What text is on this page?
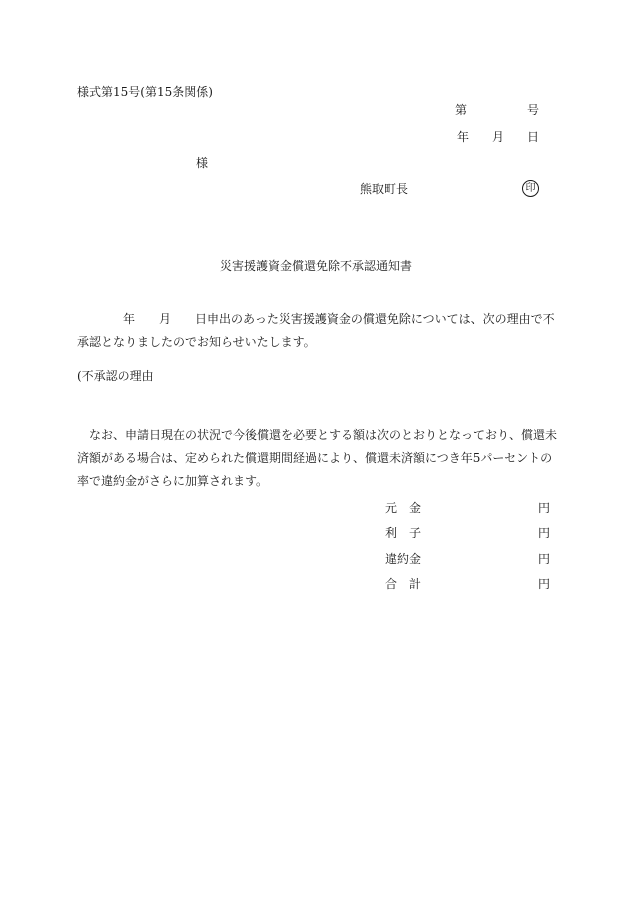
様式第15号(第15条関係)
第	号
年 月 日
様
熊取町長	印
災害援護資金償還免除不承認通知書
年 月 日申出のあった災害援護資金の償還免除については、次の理由で不承認となりましたのでお知らせいたします。
(不承認の理由
なお、申請日現在の状況で今後償還を必要とする額は次のとおりとなっており、償還未済額がある場合は、定められた償還期間経過により、償還未済額につき年5パーセントの率で違約金がさらに加算されます。
元　金	円
利　子	円
違約金	円
合　計	円
